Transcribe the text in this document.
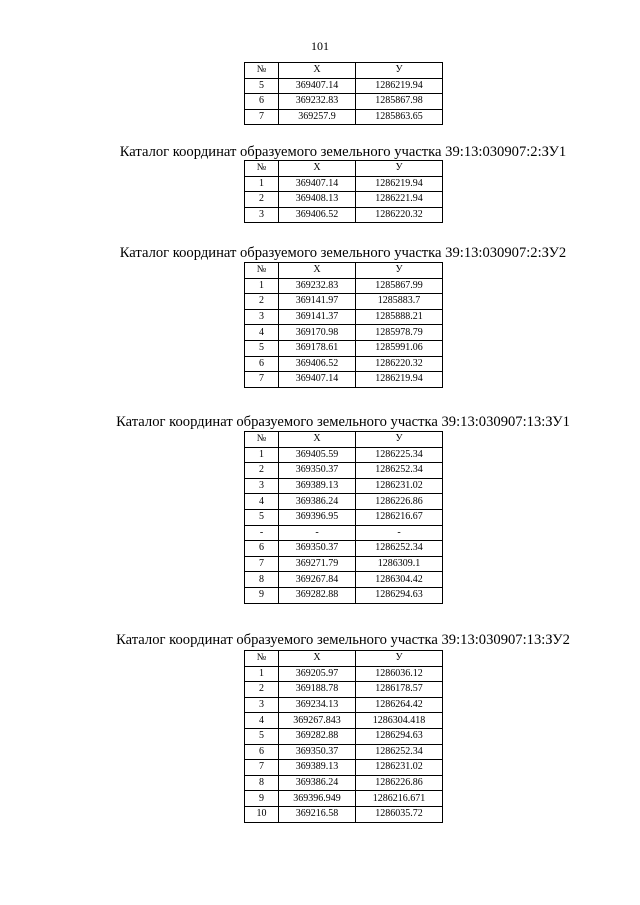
101
№	Х	У
5	369407.14	1286219.94
6	369232.83	1285867.98
7	369257.9	1285863.65
Каталог координат образуемого земельного участка 39:13:030907:2:ЗУ1
№	Х	У
1	369407.14	1286219.94
2	369408.13	1286221.94
3	369406.52	1286220.32
Каталог координат образуемого земельного участка 39:13:030907:2:ЗУ2
№	Х	У
1	369232.83	1285867.99
2	369141.97	1285883.7
3	369141.37	1285888.21
4	369170.98	1285978.79
5	369178.61	1285991.06
6	369406.52	1286220.32
7	369407.14	1286219.94
Каталог координат образуемого земельного участка 39:13:030907:13:ЗУ1
№	Х	У
1	369405.59	1286225.34
2	369350.37	1286252.34
3	369389.13	1286231.02
4	369386.24	1286226.86
5	369396.95	1286216.67
-	-	-
6	369350.37	1286252.34
7	369271.79	1286309.1
8	369267.84	1286304.42
9	369282.88	1286294.63
Каталог координат образуемого земельного участка 39:13:030907:13:ЗУ2
№	Х	У
1	369205.97	1286036.12
2	369188.78	1286178.57
3	369234.13	1286264.42
4	369267.843	1286304.418
5	369282.88	1286294.63
6	369350.37	1286252.34
7	369389.13	1286231.02
8	369386.24	1286226.86
9	369396.949	1286216.671
10	369216.58	1286035.72
